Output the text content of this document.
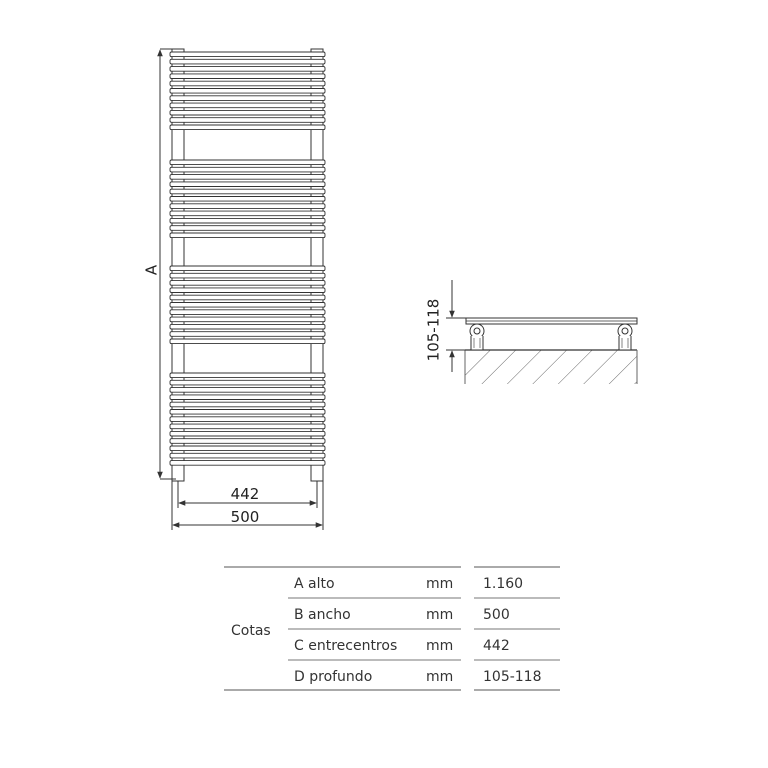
A
442
500
105-118
Cotas
A alto	mm 1.160
B ancho	mm 500
C entrecentros mm 442
D profundo	mm 105-118
